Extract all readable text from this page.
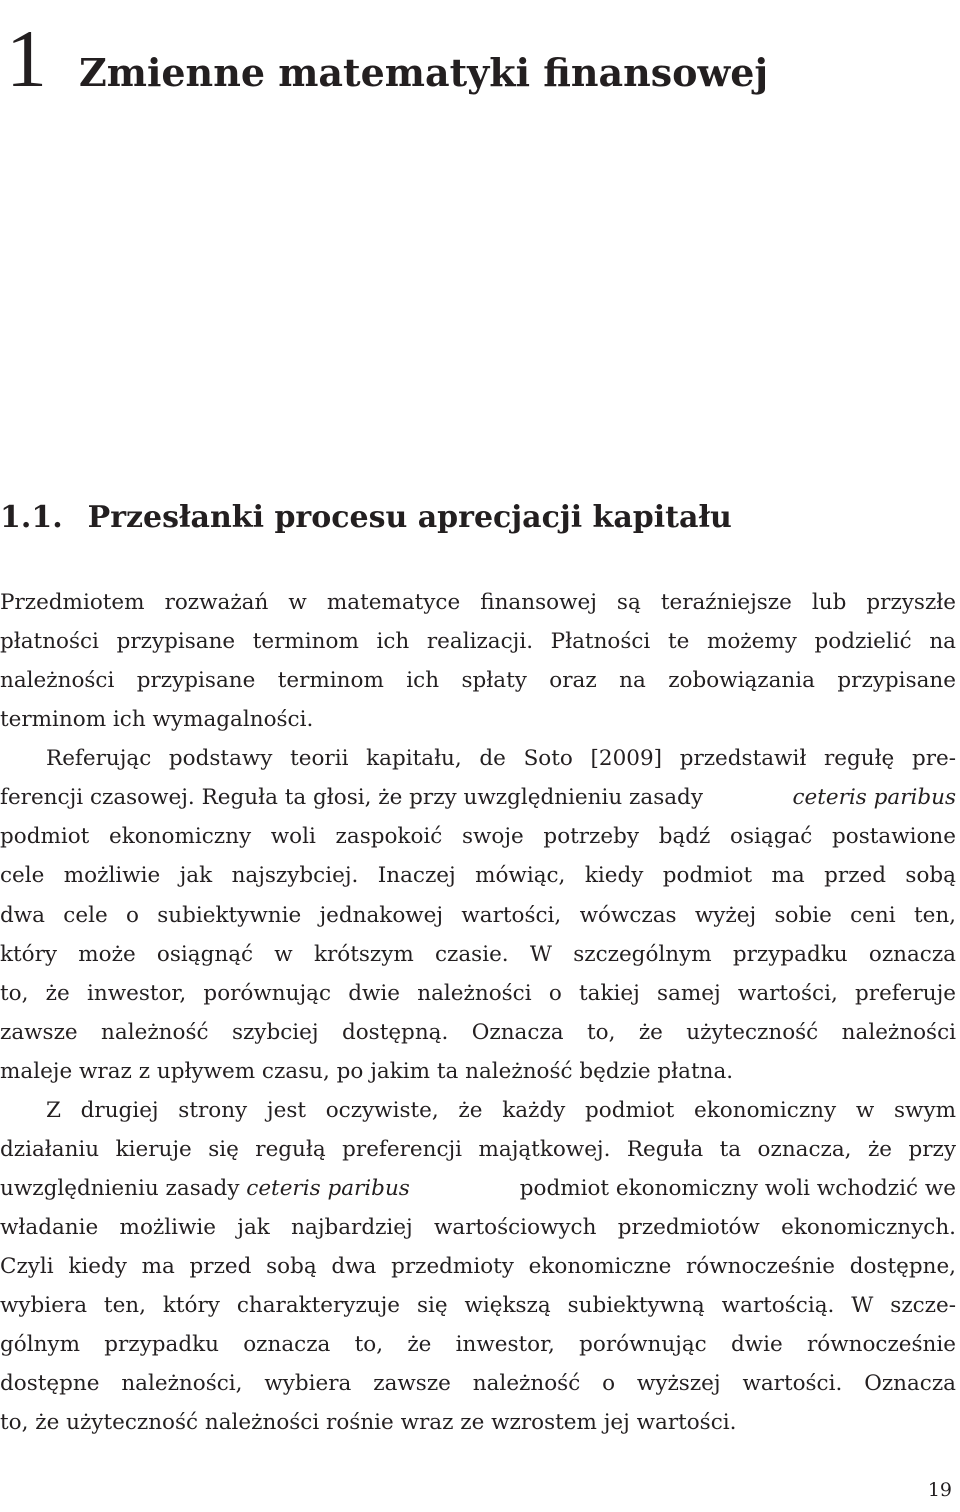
1 Zmienne matematyki finansowej
1.1. Przesłanki procesu aprecjacji kapitału
Przedmiotem rozważań w matematyce finansowej są teraźniejsze lub przyszłe
płatności przypisane terminom ich realizacji. Płatności te możemy podzielić na
należności przypisane terminom ich spłaty oraz na zobowiązania przypisane
terminom ich wymagalności.
Referując podstawy teorii kapitału, de Soto [2009] przedstawił regułę pre-
ferencji czasowej. Reguła ta głosi, że przy uwzględnieniu zasady	ceteris paribus
podmiot ekonomiczny woli zaspokoić swoje potrzeby bądź osiągać postawione
cele możliwie jak najszybciej. Inaczej mówiąc, kiedy podmiot ma przed sobą
dwa cele o subiektywnie jednakowej wartości, wówczas wyżej sobie ceni ten,
który może osiągnąć w krótszym czasie. W szczególnym przypadku oznacza
to, że inwestor, porównując dwie należności o takiej samej wartości, preferuje
zawsze należność szybciej dostępną. Oznacza to, że użyteczność należności
maleje wraz z upływem czasu, po jakim ta należność będzie płatna.
Z drugiej strony jest oczywiste, że każdy podmiot ekonomiczny w swym
działaniu kieruje się regułą preferencji majątkowej. Reguła ta oznacza, że przy
uwzględnieniu zasady ceteris paribus	podmiot ekonomiczny woli wchodzić we
władanie możliwie jak najbardziej wartościowych przedmiotów ekonomicznych.
Czyli kiedy ma przed sobą dwa przedmioty ekonomiczne równocześnie dostępne,
wybiera ten, który charakteryzuje się większą subiektywną wartością. W szcze-
gólnym przypadku oznacza to, że inwestor, porównując dwie równocześnie
dostępne należności, wybiera zawsze należność o wyższej wartości. Oznacza
to, że użyteczność należności rośnie wraz ze wzrostem jej wartości.
19
